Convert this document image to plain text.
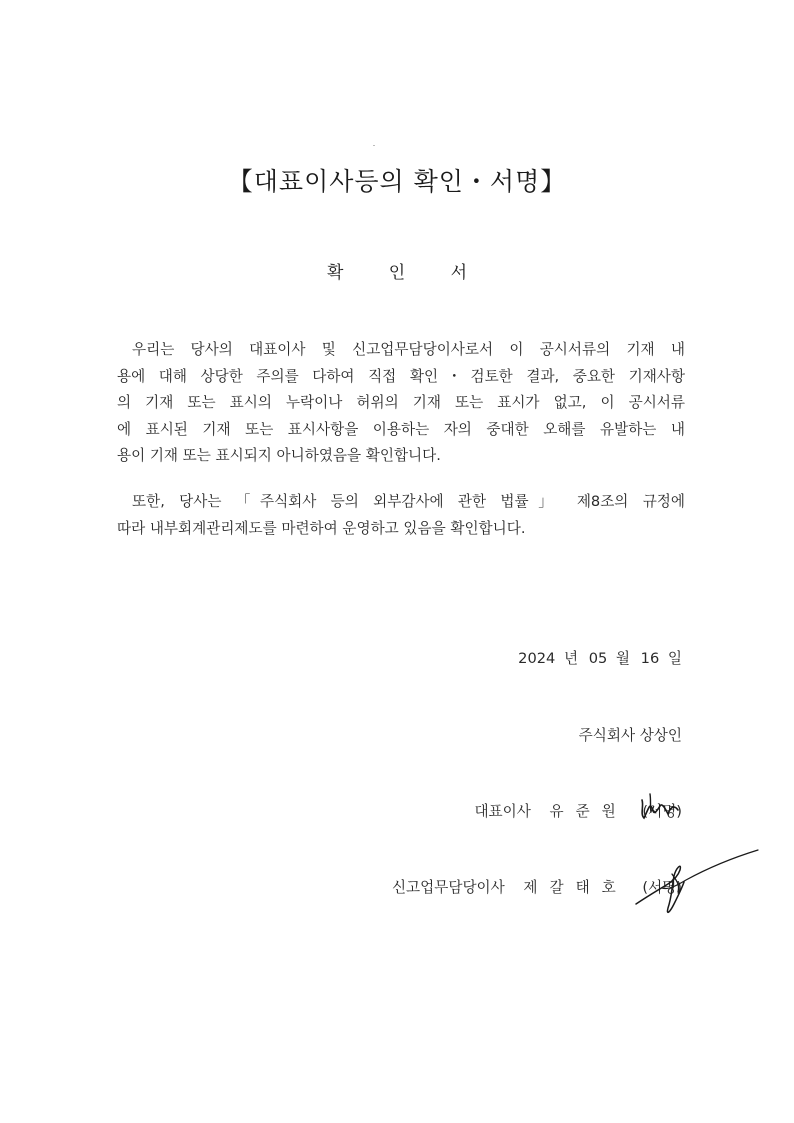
【대표이사등의 확인・서명】
확 인 서
우리는 당사의 대표이사 및 신고업무담당이사로서 이 공시서류의 기재 내
용에 대해 상당한 주의를 다하여 직접 확인・검토한 결과, 중요한 기재사항
의 기재 또는 표시의 누락이나 허위의 기재 또는 표시가 없고, 이 공시서류
에 표시된 기재 또는 표시사항을 이용하는 자의 중대한 오해를 유발하는 내
용이 기재 또는 표시되지 아니하였음을 확인합니다.
또한, 당사는 「주식회사 등의 외부감사에 관한 법률」 제8조의 규정에
따라 내부회계관리제도를 마련하여 운영하고 있음을 확인합니다.
2024 년 05 월 16 일
주식회사 상상인
대표이사 유준원 (서명)
신고업무담당이사 제갈태호 (서명)
